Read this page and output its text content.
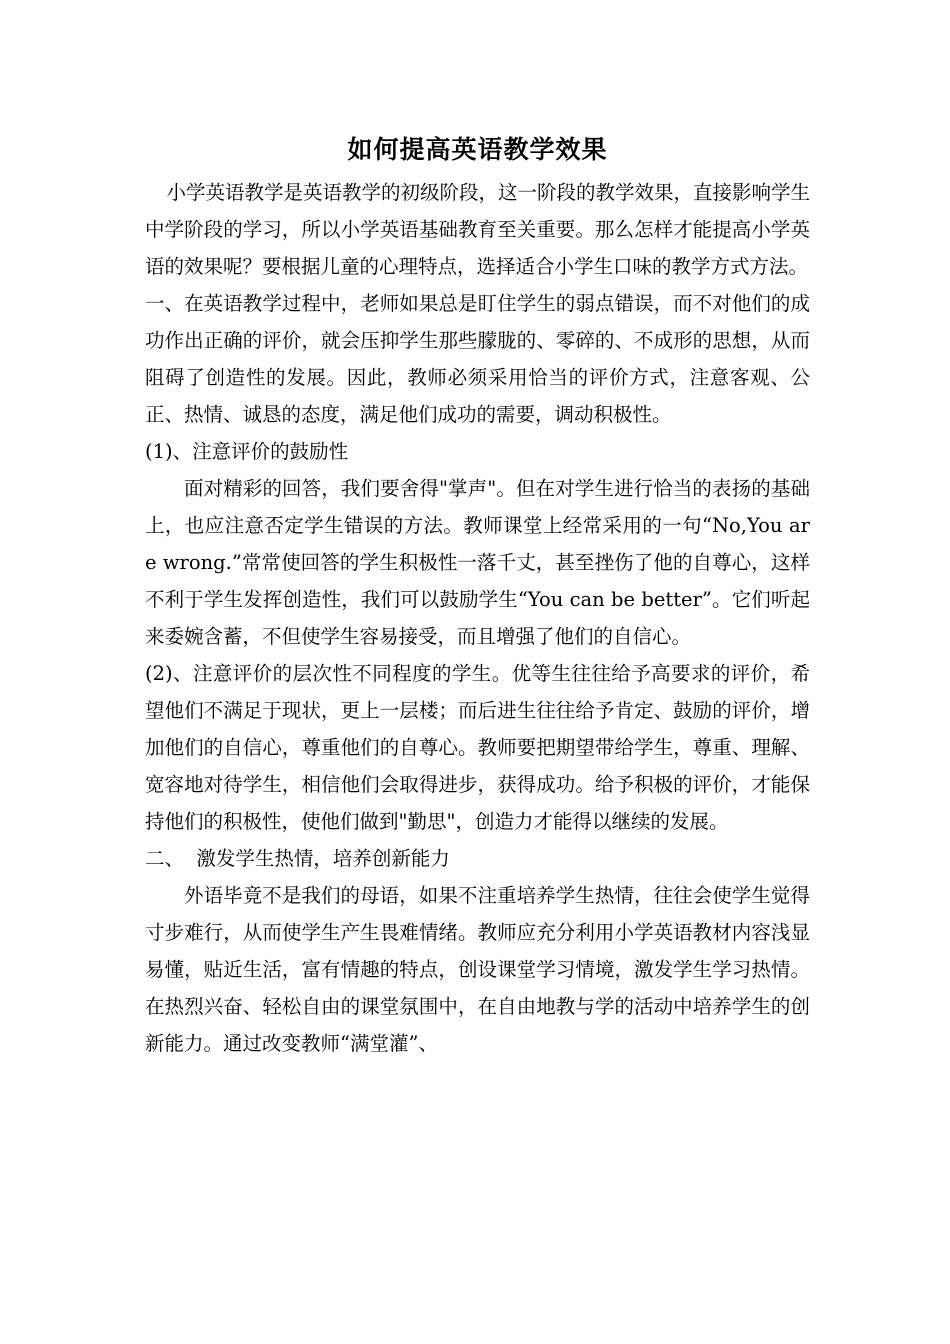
如何提高英语教学效果

小学英语教学是英语教学的初级阶段，这一阶段的教学效果，直接影响学生中学阶段的学习，所以小学英语基础教育至关重要。那么怎样才能提高小学英语的效果呢？要根据儿童的心理特点，选择适合小学生口味的教学方式方法。

一、在英语教学过程中，老师如果总是盯住学生的弱点错误，而不对他们的成功作出正确的评价，就会压抑学生那些朦胧的、零碎的、不成形的思想，从而阻碍了创造性的发展。因此，教师必须采用恰当的评价方式，注意客观、公正、热情、诚恳的态度，满足他们成功的需要，调动积极性。

(1)、注意评价的鼓励性

面对精彩的回答，我们要舍得"掌声"。但在对学生进行恰当的表扬的基础上，也应注意否定学生错误的方法。教师课堂上经常采用的一句“No,You are wrong.”常常使回答的学生积极性一落千丈，甚至挫伤了他的自尊心，这样不利于学生发挥创造性，我们可以鼓励学生“You can be better”。它们听起来委婉含蓄，不但使学生容易接受，而且增强了他们的自信心。

(2)、注意评价的层次性不同程度的学生。优等生往往给予高要求的评价，希望他们不满足于现状，更上一层楼；而后进生往往给予肯定、鼓励的评价，增加他们的自信心，尊重他们的自尊心。教师要把期望带给学生，尊重、理解、宽容地对待学生，相信他们会取得进步，获得成功。给予积极的评价，才能保持他们的积极性，使他们做到"勤思"，创造力才能得以继续的发展。

二、  激发学生热情，培养创新能力

外语毕竟不是我们的母语，如果不注重培养学生热情，往往会使学生觉得寸步难行，从而使学生产生畏难情绪。教师应充分利用小学英语教材内容浅显易懂，贴近生活，富有情趣的特点，创设课堂学习情境，激发学生学习热情。在热烈兴奋、轻松自由的课堂氛围中，在自由地教与学的活动中培养学生的创新能力。通过改变教师“满堂灌”、
